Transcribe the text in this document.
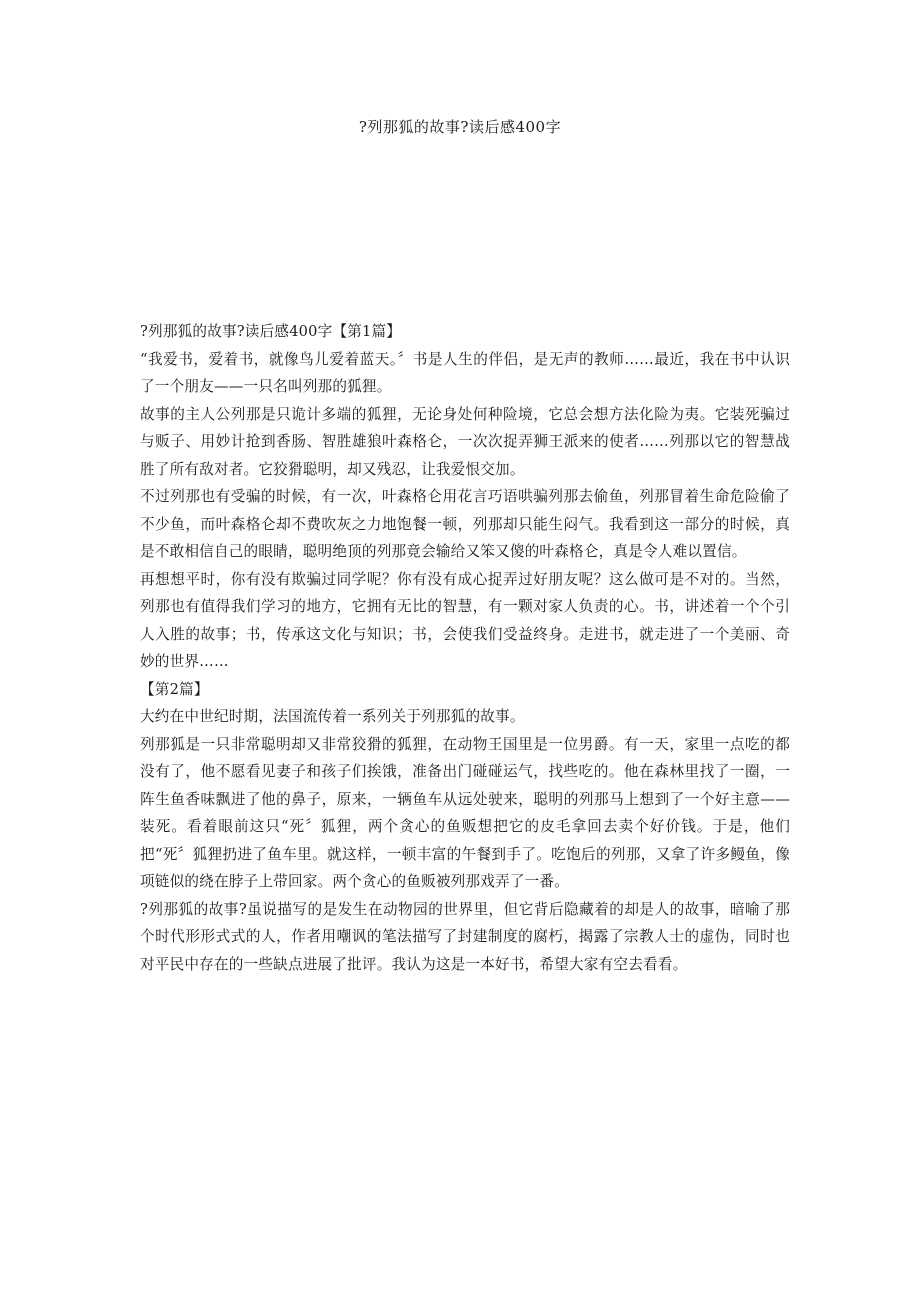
?列那狐的故事?读后感400字

?列那狐的故事?读后感400字【第1篇】

“我爱书，爱着书，就像鸟儿爱着蓝天。〞书是人生的伴侣，是无声的教师……最近，我在书中认识了一个朋友——一只名叫列那的狐狸。

故事的主人公列那是只诡计多端的狐狸，无论身处何种险境，它总会想方法化险为夷。它装死骗过与贩子、用妙计抢到香肠、智胜雄狼叶森格仑，一次次捉弄狮王派来的使者……列那以它的智慧战胜了所有敌对者。它狡猾聪明，却又残忍，让我爱恨交加。

不过列那也有受骗的时候，有一次，叶森格仑用花言巧语哄骗列那去偷鱼，列那冒着生命危险偷了不少鱼，而叶森格仑却不费吹灰之力地饱餐一顿，列那却只能生闷气。我看到这一部分的时候，真是不敢相信自己的眼睛，聪明绝顶的列那竟会输给又笨又傻的叶森格仑，真是令人难以置信。

再想想平时，你有没有欺骗过同学呢？你有没有成心捉弄过好朋友呢？这么做可是不对的。当然，列那也有值得我们学习的地方，它拥有无比的智慧，有一颗对家人负责的心。书，讲述着一个个引人入胜的故事；书，传承这文化与知识；书，会使我们受益终身。走进书，就走进了一个美丽、奇妙的世界……

【第2篇】

大约在中世纪时期，法国流传着一系列关于列那狐的故事。

列那狐是一只非常聪明却又非常狡猾的狐狸，在动物王国里是一位男爵。有一天，家里一点吃的都没有了，他不愿看见妻子和孩子们挨饿，准备出门碰碰运气，找些吃的。他在森林里找了一圈，一阵生鱼香味飘进了他的鼻子，原来，一辆鱼车从远处驶来，聪明的列那马上想到了一个好主意——装死。看着眼前这只“死〞狐狸，两个贪心的鱼贩想把它的皮毛拿回去卖个好价钱。于是，他们把“死〞狐狸扔进了鱼车里。就这样，一顿丰富的午餐到手了。吃饱后的列那，又拿了许多鳗鱼，像项链似的绕在脖子上带回家。两个贪心的鱼贩被列那戏弄了一番。

?列那狐的故事?虽说描写的是发生在动物园的世界里，但它背后隐藏着的却是人的故事，暗喻了那个时代形形式式的人，作者用嘲讽的笔法描写了封建制度的腐朽，揭露了宗教人士的虚伪，同时也对平民中存在的一些缺点进展了批评。我认为这是一本好书，希望大家有空去看看。
